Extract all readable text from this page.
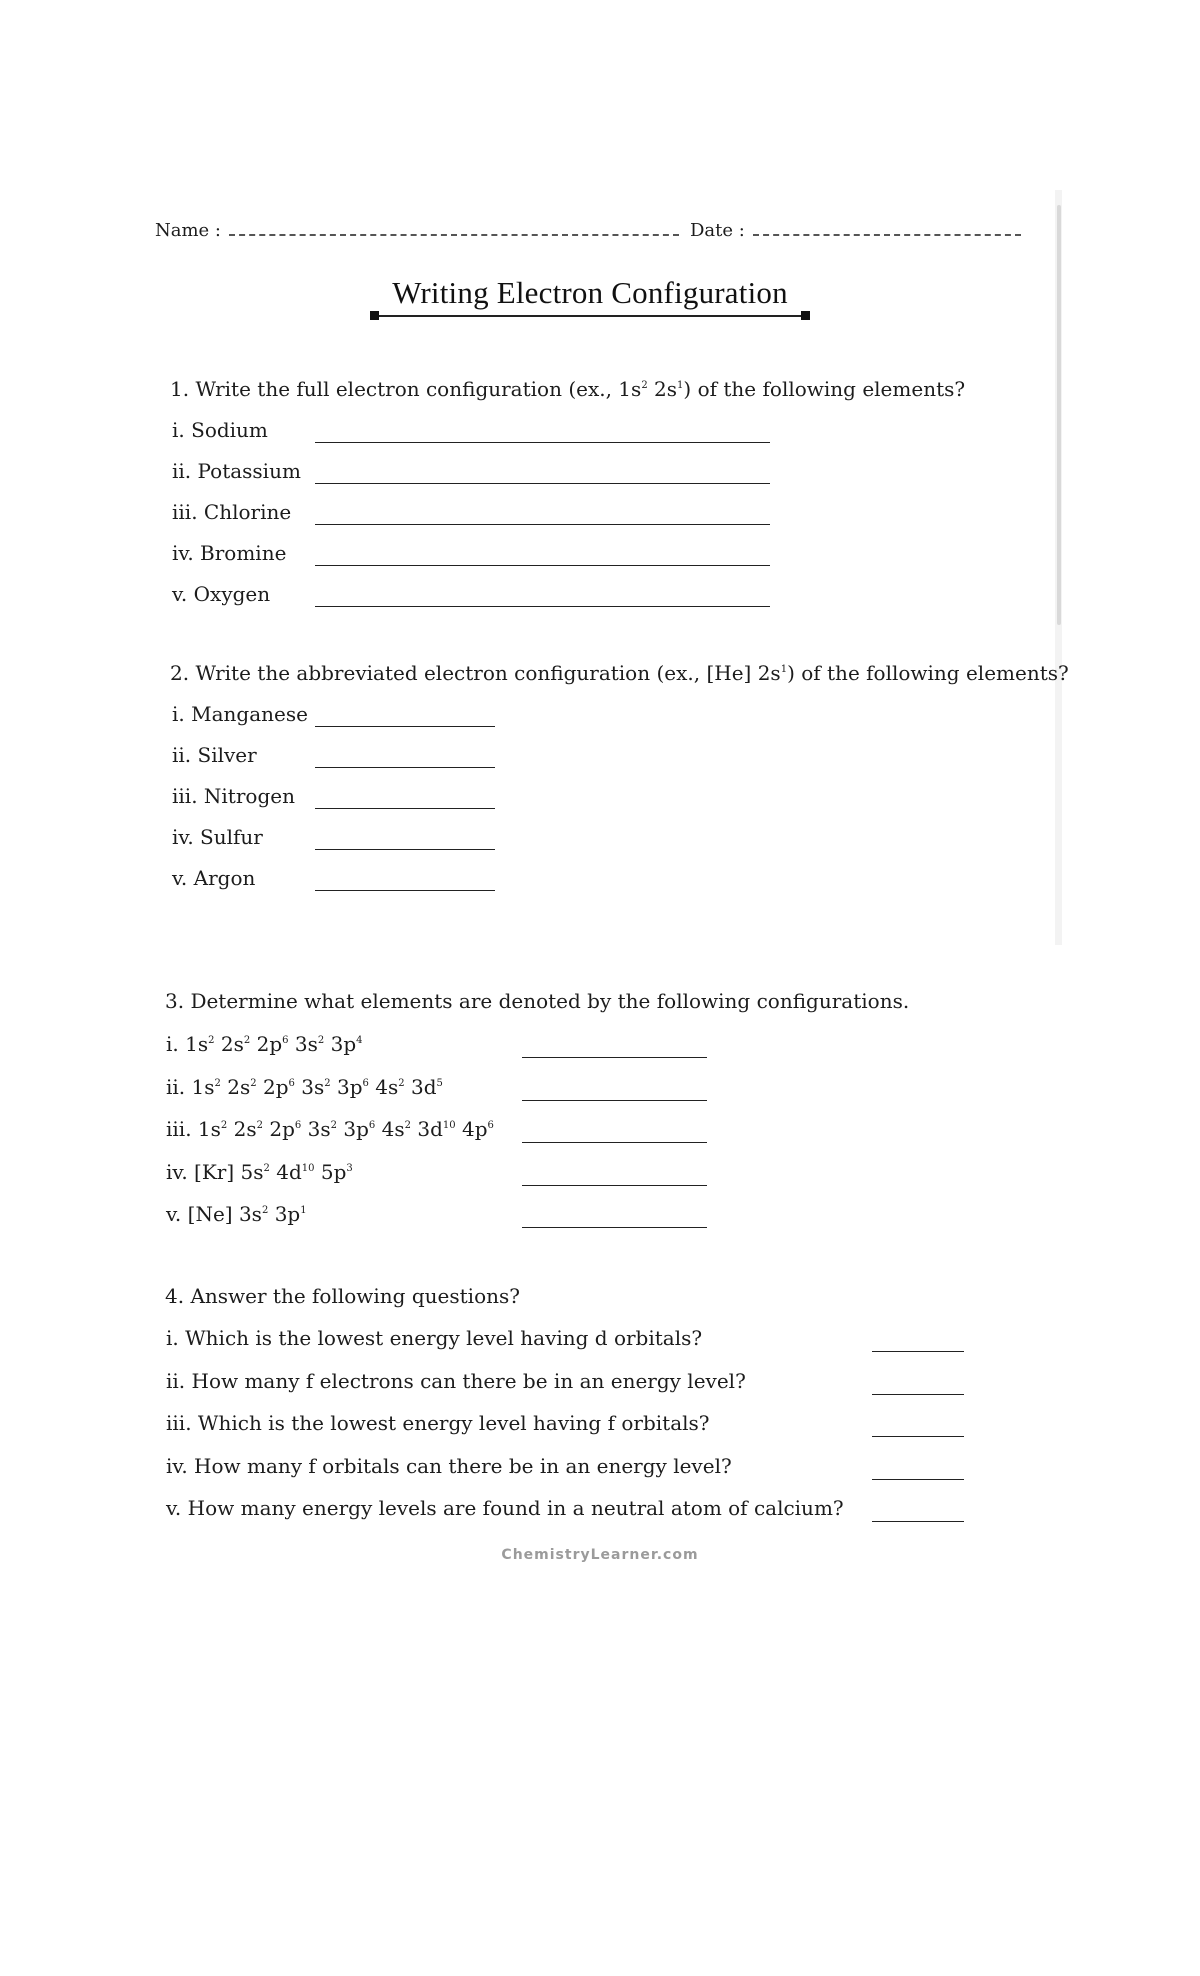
Name :	Date :
Writing Electron Configuration
1. Write the full electron configuration (ex., $1s^2$ $2s^1$) of the following elements?
i. Sodium
ii. Potassium
iii. Chlorine
iv. Bromine
v. Oxygen
2. Write the abbreviated electron configuration (ex., [He] $2s^1$) of the following elements?
i. Manganese
ii. Silver
iii. Nitrogen
iv. Sulfur
v. Argon
3. Determine what elements are denoted by the following configurations.
i. $1s^2$ $2s^2$ $2p^6$ $3s^2$ $3p^4$
ii. $1s^2$ $2s^2$ $2p^6$ $3s^2$ $3p^6$ $4s^2$ $3d^5$
iii. $1s^2$ $2s^2$ $2p^6$ $3s^2$ $3p^6$ $4s^2$ $3d^{10}$ $4p^6$
iv. [Kr] $5s^2$ $4d^{10}$ $5p^3$
v. [Ne] $3s^2$ $3p^1$
4. Answer the following questions?
i. Which is the lowest energy level having d orbitals?
ii. How many f electrons can there be in an energy level?
iii. Which is the lowest energy level having f orbitals?
iv. How many f orbitals can there be in an energy level?
v. How many energy levels are found in a neutral atom of calcium?
ChemistryLearner.com
